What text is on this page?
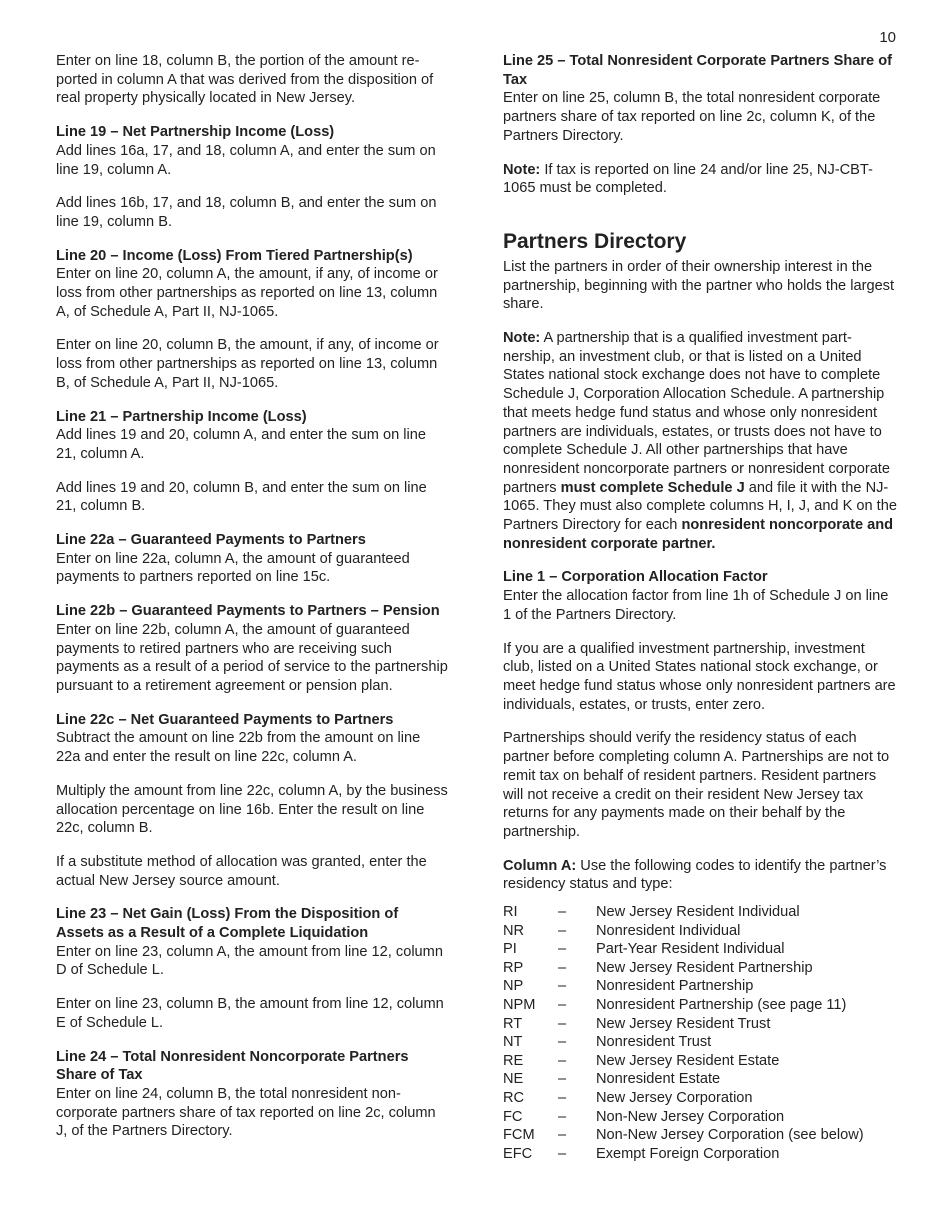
10

Enter on line 18, column B, the portion of the amount reported in column A that was derived from the disposition of real property physically located in New Jersey.

Line 19 – Net Partnership Income (Loss)
Add lines 16a, 17, and 18, column A, and enter the sum on line 19, column A.

Add lines 16b, 17, and 18, column B, and enter the sum on line 19, column B.

Line 20 – Income (Loss) From Tiered Partnership(s)
Enter on line 20, column A, the amount, if any, of income or loss from other partnerships as reported on line 13, column A, of Schedule A, Part II, NJ-1065.

Enter on line 20, column B, the amount, if any, of income or loss from other partnerships as reported on line 13, column B, of Schedule A, Part II, NJ-1065.

Line 21 – Partnership Income (Loss)
Add lines 19 and 20, column A, and enter the sum on line 21, column A.

Add lines 19 and 20, column B, and enter the sum on line 21, column B.

Line 22a – Guaranteed Payments to Partners
Enter on line 22a, column A, the amount of guaranteed payments to partners reported on line 15c.
Line 22b – Guaranteed Payments to Partners – Pension
Enter on line 22b, column A, the amount of guaranteed payments to retired partners who are receiving such payments as a result of a period of service to the partnership pursuant to a retirement agreement or pension plan.
Line 22c – Net Guaranteed Payments to Partners
Subtract the amount on line 22b from the amount on line 22a and enter the result on line 22c, column A.

Multiply the amount from line 22c, column A, by the business allocation percentage on line 16b. Enter the result on line 22c, column B.

If a substitute method of allocation was granted, enter the actual New Jersey source amount.

Line 23 – Net Gain (Loss) From the Disposition of Assets as a Result of a Complete Liquidation
Enter on line 23, column A, the amount from line 12, column D of Schedule L.

Enter on line 23, column B, the amount from line 12, column E of Schedule L.

Line 24 – Total Nonresident Noncorporate Partners Share of Tax
Enter on line 24, column B, the total nonresident noncorporate partners share of tax reported on line 2c, column J, of the Partners Directory.
Line 25 – Total Nonresident Corporate Partners Share of Tax
Enter on line 25, column B, the total nonresident corporate partners share of tax reported on line 2c, column K, of the Partners Directory.

Note: If tax is reported on line 24 and/or line 25, NJ-CBT-1065 must be completed.

Partners Directory

List the partners in order of their ownership interest in the partnership, beginning with the partner who holds the largest share.

Note: A partnership that is a qualified investment partnership, an investment club, or that is listed on a United States national stock exchange does not have to complete Schedule J, Corporation Allocation Schedule. A partnership that meets hedge fund status and whose only nonresident partners are individuals, estates, or trusts does not have to complete Schedule J. All other partnerships that have nonresident noncorporate partners or nonresident corporate partners must complete Schedule J and file it with the NJ-1065. They must also complete columns H, I, J, and K on the Partners Directory for each nonresident noncorporate and nonresident corporate partner.

Line 1 – Corporation Allocation Factor
Enter the allocation factor from line 1h of Schedule J on line 1 of the Partners Directory.

If you are a qualified investment partnership, investment club, listed on a United States national stock exchange, or meet hedge fund status whose only nonresident partners are individuals, estates, or trusts, enter zero.

Partnerships should verify the residency status of each partner before completing column A. Partnerships are not to remit tax on behalf of resident partners. Resident partners will not receive a credit on their resident New Jersey tax returns for any payments made on their behalf by the partnership.

Column A: Use the following codes to identify the partner’s residency status and type:
RI	–	New Jersey Resident Individual
NR	–	Nonresident Individual
PI	–	Part-Year Resident Individual
RP	–	New Jersey Resident Partnership
NP	–	Nonresident Partnership
NPM	–	Nonresident Partnership (see page 11)
RT	–	New Jersey Resident Trust
NT	–	Nonresident Trust
RE	–	New Jersey Resident Estate
NE	–	Nonresident Estate
RC	–	New Jersey Corporation
FC	–	Non-New Jersey Corporation
FCM	–	Non-New Jersey Corporation (see below)
EFC	–	Exempt Foreign Corporation
